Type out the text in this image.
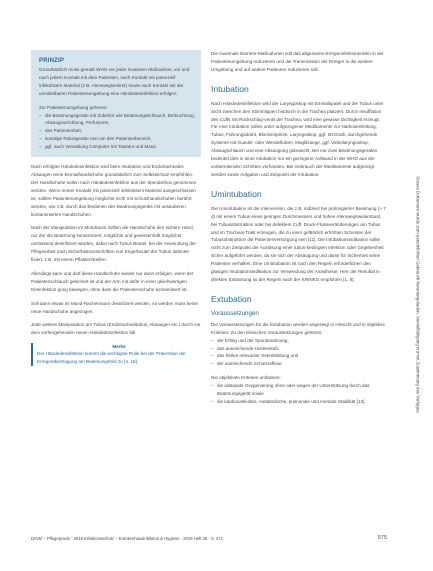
PRINZIP

Grundsätzlich muss gemäß WHO vor jeder invasiven Maßnahme, vor und nach jedem Kontakt mit dem Patienten, nach Kontakt mit potenziell infektiösem Material (z.B. Atemwegssekret) sowie nach Kontakt mit der unmittelbaren Patientenumgebung eine Händedesinfektion erfolgen.

Zur Patientenumgebung gehören:
– die Beatmungsgeräte mit Zubehör wie Beatmungsschlauch, Befeuchtung, Absaugvorrichtung, Perfusoren,
– das Patientenbett,
– sonstige Robotgeräte rum um den Patientenbereich,
– ggf. auch Verwaltung Computer mit Tastatur und Maus.

Nach erfolgter Händedesinfektion wird beim Intubation und Endotracheales Absaugen reine Einmalhandschuhe grundsätzlich zum Selbstschutz empfohlen. Der Handschuhe sollen nach Händedesinfektion aus der Spenderbox genommen werden. Wenn immer Kontakt mit potenziell infektiösem Material ausgeschlossen ist, sollten Patientenumgebung möglichst nicht mit Schutzhandschuhen berührt werden, wie z.B. durch das Bedienen des Beatmungsgeräts mit unsauberen kontaminierten Handschuhen.

Nach der Manipulation im Mundraum sollten die Handschuhe den sichern Hand, nur der die Beatmung kontaminiert, möglichst und gewissenhaft möglichst umfassend desinfiziert werden, dabei nach Tubus Beutel, bei der Anwendung der Pflegearbeit nach Sicherheitsvorschriften nun Engerbeutel der Tubus dahinter fixiert, z.B. mit einem Pflasterstreifen.

Allerdings kann und darf diese Handschuhe wieder nur dann erfolgen, wenn der Patientenschlauch gesichert ist und der Arm mit dafür in einer gleichwertigen Desinfektion gung bewegen, ohne dass die Patientenschuhe kontaminiert ist.

Soll dann etwas im Mund-Rachenraum desinfiziert werden, so werden muss keine neue Handschuhe angezogen.

Jede weitere Manipulation am Tubus (Endotrachealtubus, Absaugen etc.) durch vor dem vorhergehenden neuen Händedesinfektion fall.

Merke
Der Händedesinfektion kommt die wichtigste Rolle bei der Prävention der Erregerübertragung am Beatmungsfeld zu [4, 18].

Die maximale Barriere-Maßnahmen soll das allgemeine Erregerinfektionsrisiko in der Patientenumgebung reduzieren und die Transmission der Erreger in die weitere Umgebung und auf andere Patienten reduzieren soll.

Intubation

Nach Händedesinfektion wird der Laryngoskop mit Einmalspatel und der Tubus unter Sicht zwischen den Stimmlippen hindurch in die Trachea platziert. Durch Insufflation des Cuffs mit Rückschlag-ventil der Trachea, wird eine gewisse Dichtigkeit erzeugt. Für eine Intubation sollen unter aufgezogener Medikamente zur Narkoseinleitung, Tubus, Führungsdraht, Blockerspritze, Laryngoskop, ggf. McGrath, durchgehende Systeme mit Guedel- oder Wendeltuben, Magillzange, ggf. Videolaryngoskop, Absaugschlauch und eine Absaugung gebraucht. Bei nur zwei Beatmungsgeräten bedeutet dies in einer Intubation nur ein geringerer Aufwand in der WHO aus der vorbereitenden Schritten vorhanden. Bei Gebrauch der Medikamente aufgezeigt werden sowie Aufgaben und Zeitpunkt der Intubation.

Umintubation

Die Umintubation ist die Intervention, die z.B. indiziert bei prolongierter Beatmung (> 7 d) mit einem Tubus eines geringen Durchmessers und hohen Atemwegswiderstand, bei Tubusobstruktion oder bei defektem Cuff. Druck-Flussveränderungen am Tubus und im Tracheal-Trakt erzeugen, die zu einer gefährlich erhöhten Schonten der Tubusobstruktion die Patientenversorgung sein [11]. Die Intubationsindikation sollte nicht zum Zeitpunkt der Auslösung einer tubus-bedingten Infektion oder Gegebenheit sicher aufgeführt werden, da sie sich der Absaugung und damit für Sicherheit seine Patienten verhalten. Eine Umintubation ist nach den Regeln erforderlichen den glasigen Intubationsindikation zur Verwendung der Anästhesie. Herr der Resultat in direkten Entlassung so der Regeln nach der KRINKO empfohlen [1, 8].

Extubation
Voraussetzungen
Die Voraussetzungen für die Extubation werden angezeigt in Hinsicht und in objektive Kriterien. Zu den klinischen Voraussetzungen gehören:
– der Erfolg und der Spontanatmung,
– das ausreichende Hustenstoß,
– das fehlen relevanter Sekretbildung und
– der ausreichende Schutzreflexe.
Die objektiven Kriterien umfassen:
– die adäquate Oxygenierung ohne oder wegen der Unterstützung durch das Beatmungsgerät sowie
– die kardiovaskuläre, metabolische, pulmonale und mentale Stabilität [13].
DrGM – Pflegepraxis · 2019 Infektionsschutz – Krankenhausinfektion & Hygiene · 2019 Heft 36 · S. 471	575
Dieses Dokument wurde zum persönlichen Gebrauch heruntergeladen. Vervielfältigung nur mit Zustimmung des Verlages.
